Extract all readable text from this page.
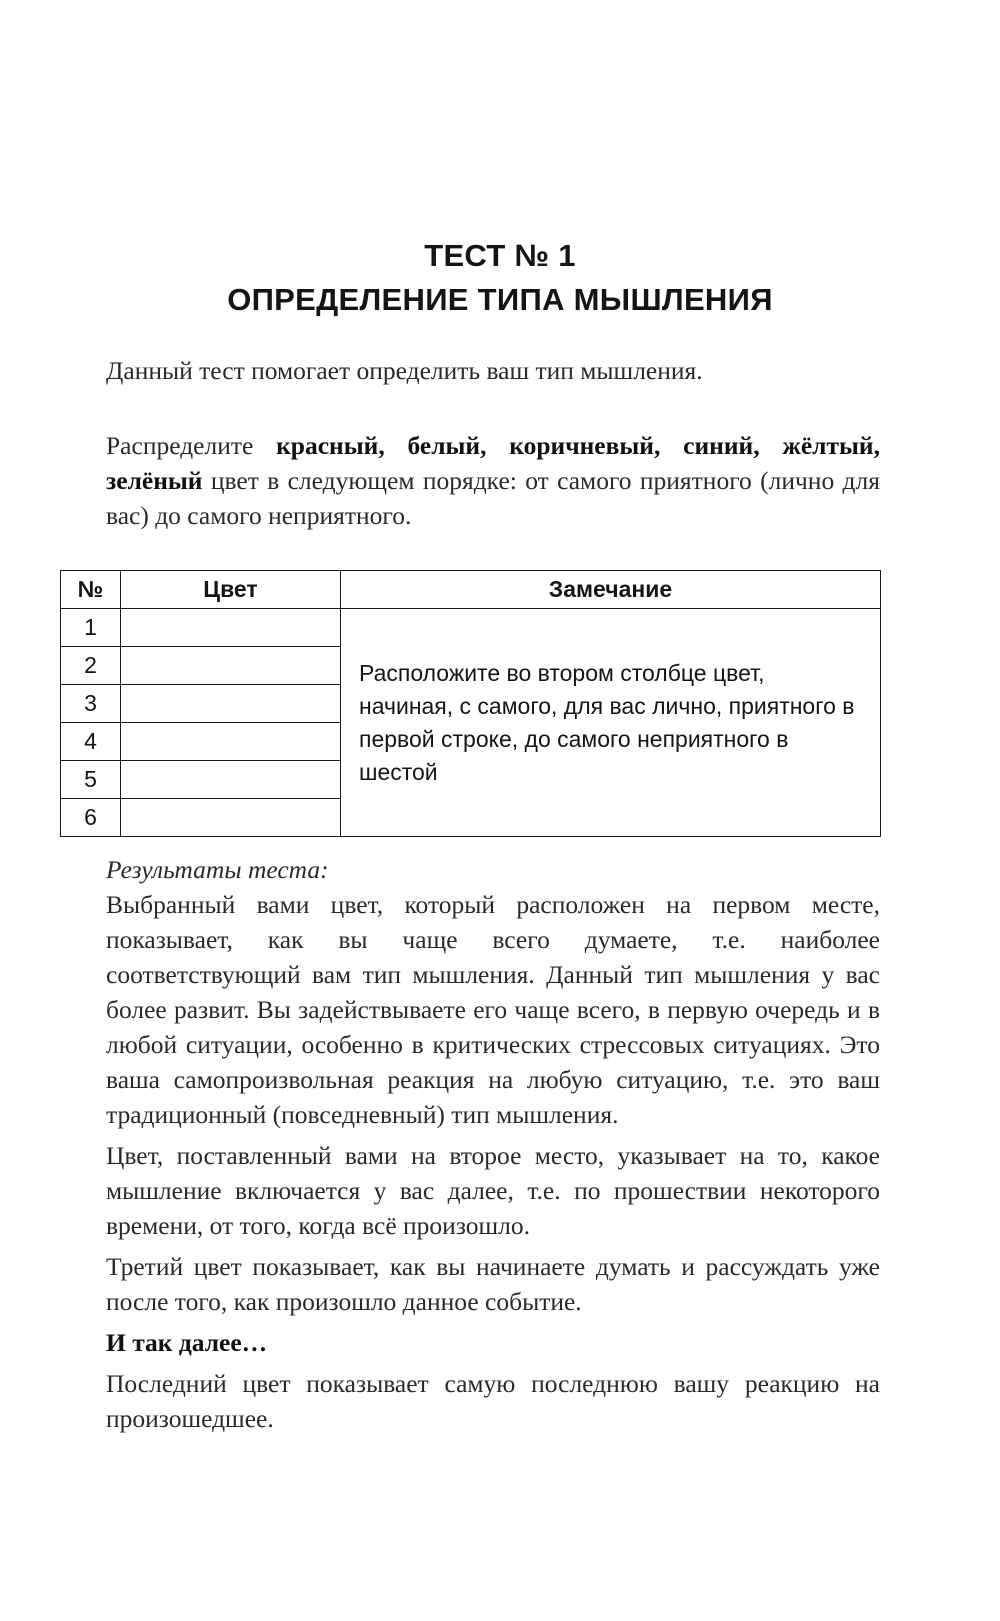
ТЕСТ № 1
ОПРЕДЕЛЕНИЕ ТИПА МЫШЛЕНИЯ
Данный тест помогает определить ваш тип мышления.
Распределите красный, белый, коричневый, синий, жёлтый, зелёный цвет в следующем порядке: от самого приятного (лично для вас) до самого неприятного.
№	Цвет	Замечание
1		Расположите во втором столбце цвет, начиная, с самого, для вас лично, приятного в первой строке, до самого неприятного в шестой
2		
3		
4		
5		
6		

Результаты теста:

Выбранный вами цвет, который расположен на первом месте, показывает, как вы чаще всего думаете, т.е. наиболее соответствующий вам тип мышления. Данный тип мышления у вас более развит. Вы задействываете его чаще всего, в первую очередь и в любой ситуации, особенно в критических стрессовых ситуациях. Это ваша самопроизвольная реакция на любую ситуацию, т.е. это ваш традиционный (повседневный) тип мышления.

Цвет, поставленный вами на второе место, указывает на то, какое мышление включается у вас далее, т.е. по прошествии некоторого времени, от того, когда всё произошло.

Третий цвет показывает, как вы начинаете думать и рассуждать уже после того, как произошло данное событие.

И так далее…

Последний цвет показывает самую последнюю вашу реакцию на произошедшее.
